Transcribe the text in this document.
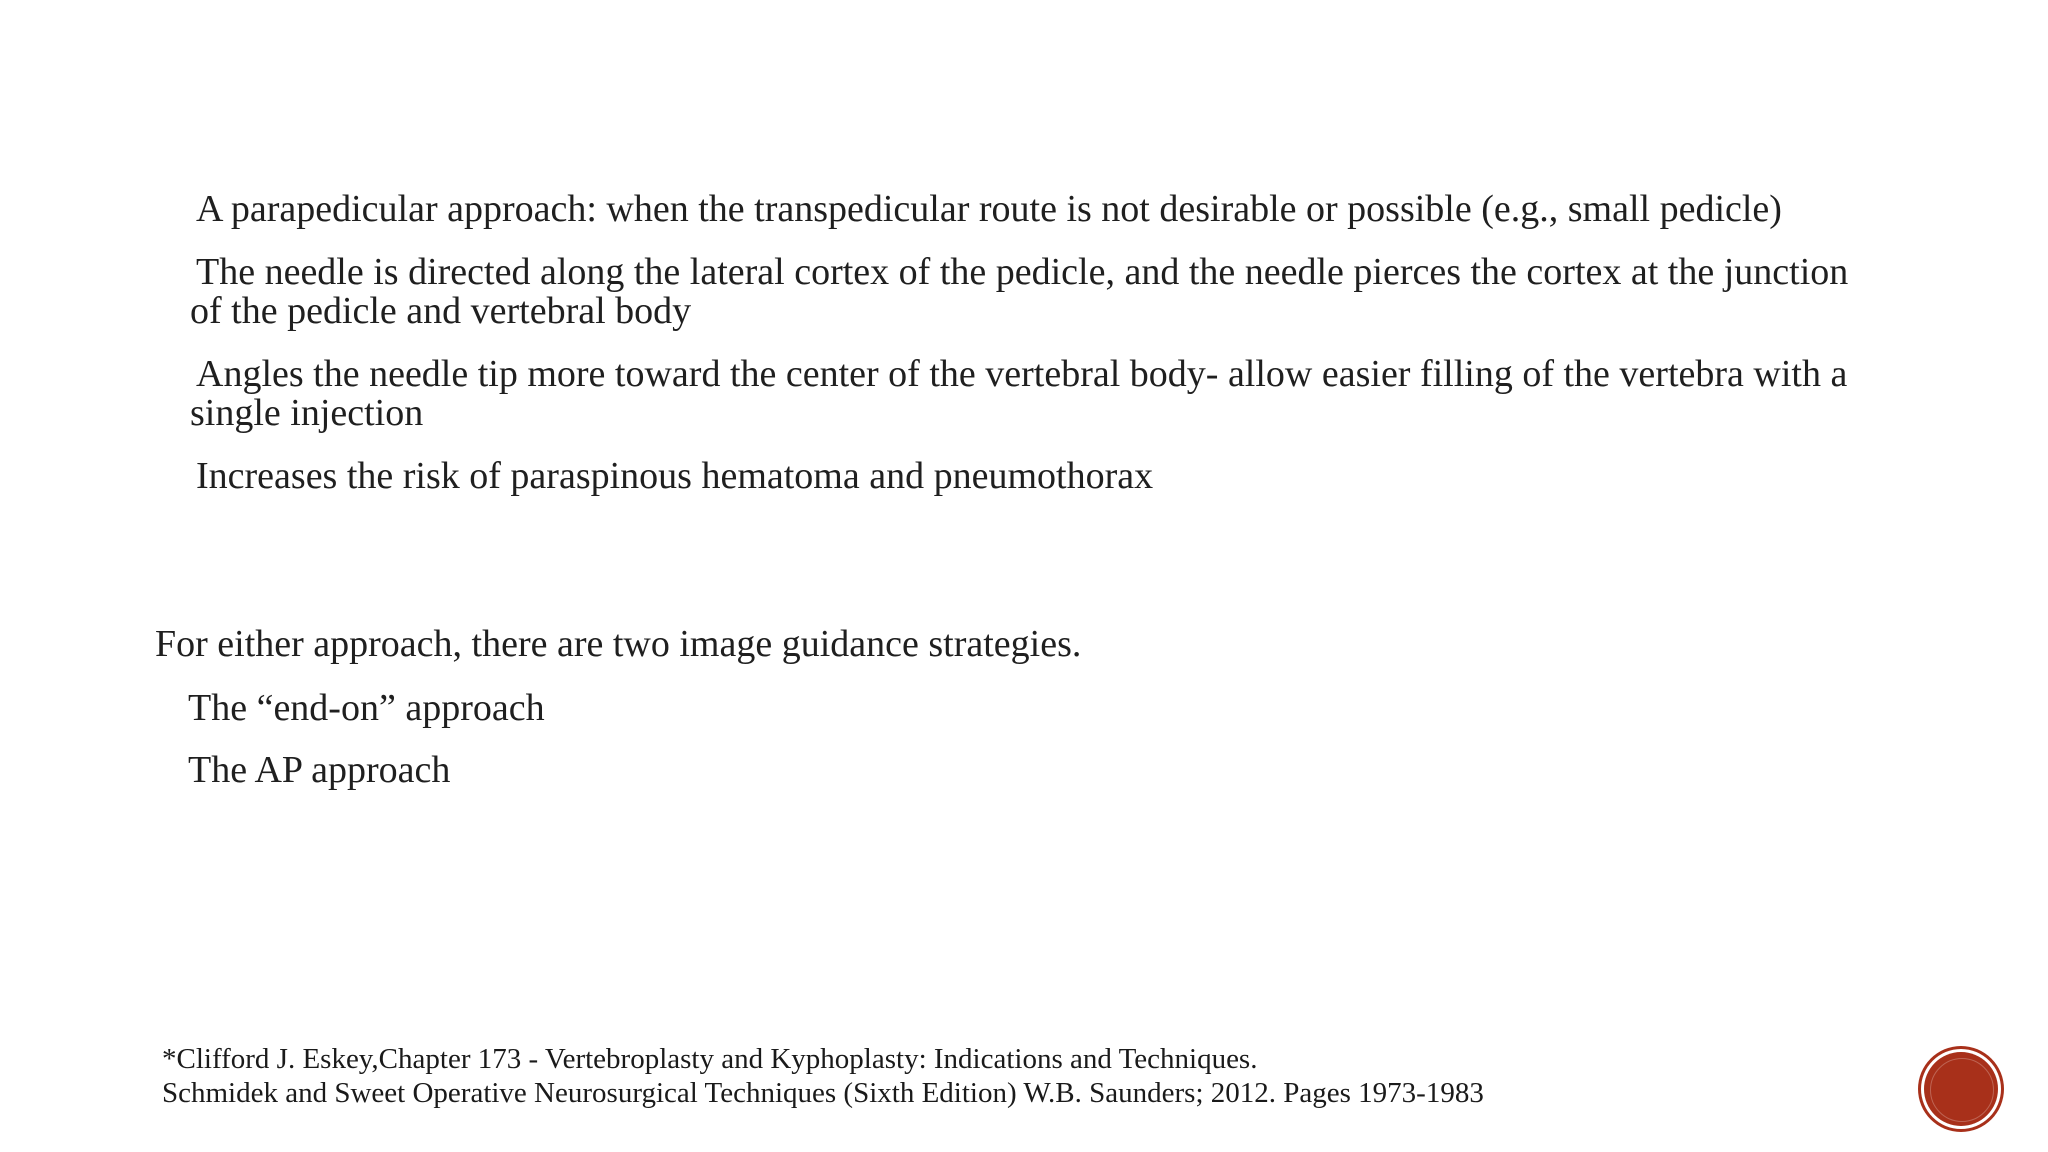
A parapedicular approach: when the transpedicular route is not desirable or possible (e.g., small pedicle)
The needle is directed along the lateral cortex of the pedicle, and the needle pierces the cortex at the junction of the pedicle and vertebral body
Angles the needle tip more toward the center of the vertebral body- allow easier filling of the vertebra with a single injection
Increases the risk of paraspinous hematoma and pneumothorax
For either approach, there are two image guidance strategies.
The “end-on” approach
The AP approach
*Clifford J. Eskey,Chapter 173 - Vertebroplasty and Kyphoplasty: Indications and Techniques.
Schmidek and Sweet Operative Neurosurgical Techniques (Sixth Edition) W.B. Saunders; 2012. Pages 1973-1983
